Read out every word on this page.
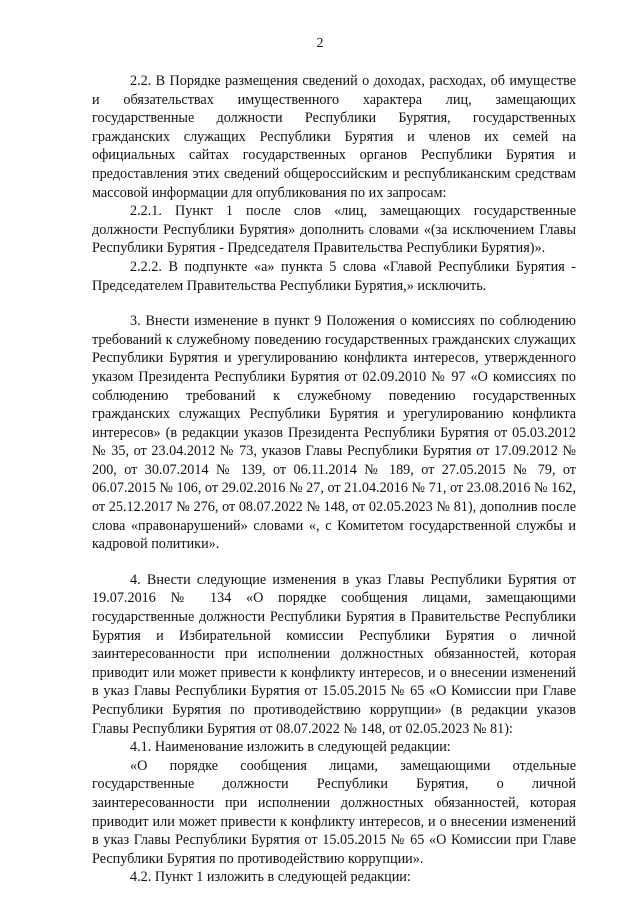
2

2.2. В Порядке размещения сведений о доходах, расходах, об имуществе и обязательствах имущественного характера лиц, замещающих государственные должности Республики Бурятия, государственных гражданских служащих Республики Бурятия и членов их семей на официальных сайтах государственных органов Республики Бурятия и предоставления этих сведений общероссийским и республиканским средствам массовой информации для опубликования по их запросам:

2.2.1. Пункт 1 после слов «лиц, замещающих государственные должности Республики Бурятия» дополнить словами «(за исключением Главы Республики Бурятия - Председателя Правительства Республики Бурятия)».

2.2.2. В подпункте «а» пункта 5 слова «Главой Республики Бурятия - Председателем Правительства Республики Бурятия,» исключить.

3. Внести изменение в пункт 9 Положения о комиссиях по соблюдению требований к служебному поведению государственных гражданских служащих Республики Бурятия и урегулированию конфликта интересов, утвержденного указом Президента Республики Бурятия от 02.09.2010 № 97 «О комиссиях по соблюдению требований к служебному поведению государственных гражданских служащих Республики Бурятия и урегулированию конфликта интересов» (в редакции указов Президента Республики Бурятия от 05.03.2012 № 35, от 23.04.2012 № 73, указов Главы Республики Бурятия от 17.09.2012 № 200, от 30.07.2014 № 139, от 06.11.2014 № 189, от 27.05.2015 № 79, от 06.07.2015 № 106, от 29.02.2016 № 27, от 21.04.2016 № 71, от 23.08.2016 № 162, от 25.12.2017 № 276, от 08.07.2022 № 148, от 02.05.2023 № 81), дополнив после слова «правонарушений» словами «, с Комитетом государственной службы и кадровой политики».

4. Внести следующие изменения в указ Главы Республики Бурятия от 19.07.2016 № 134 «О порядке сообщения лицами, замещающими государственные должности Республики Бурятия в Правительстве Республики Бурятия и Избирательной комиссии Республики Бурятия о личной заинтересованности при исполнении должностных обязанностей, которая приводит или может привести к конфликту интересов, и о внесении изменений в указ Главы Республики Бурятия от 15.05.2015 № 65 «О Комиссии при Главе Республики Бурятия по противодействию коррупции» (в редакции указов Главы Республики Бурятия от 08.07.2022 № 148, от 02.05.2023 № 81):

4.1. Наименование изложить в следующей редакции:

«О порядке сообщения лицами, замещающими отдельные государственные должности Республики Бурятия, о личной заинтересованности при исполнении должностных обязанностей, которая приводит или может привести к конфликту интересов, и о внесении изменений в указ Главы Республики Бурятия от 15.05.2015 № 65 «О Комиссии при Главе Республики Бурятия по противодействию коррупции».

4.2. Пункт 1 изложить в следующей редакции:
